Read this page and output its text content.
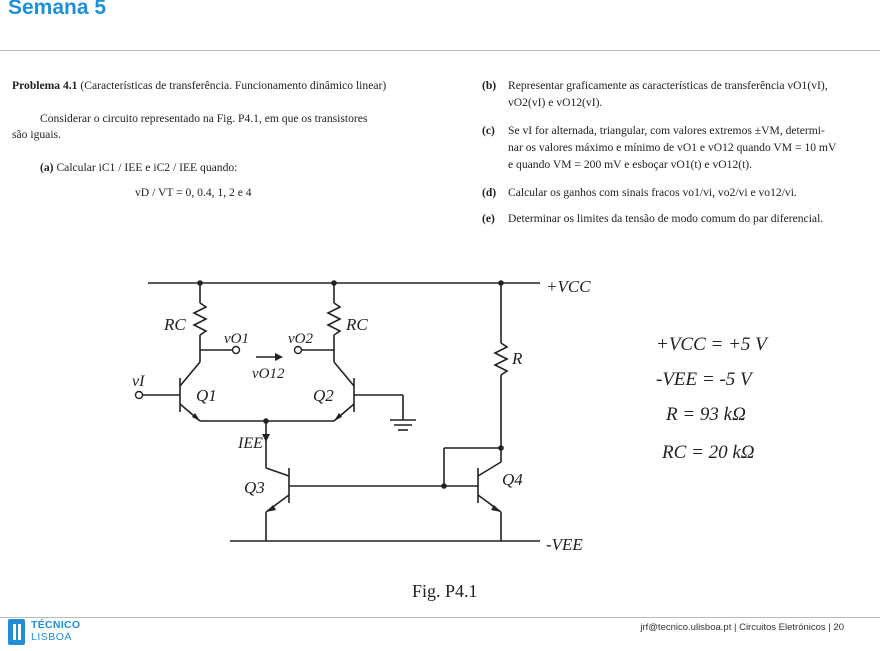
Semana 5
Problema 4.1 (Características de transferência. Funcionamento dinâmico linear)
Considerar o circuito representado na Fig. P4.1, em que os transistores
são iguais.
(a) Calcular iC1 / IEE e iC2 / IEE quando:
vD / VT = 0, 0.4, 1, 2 e 4
(b) Representar graficamente as características de transferência vO1(vI),
vO2(vI) e vO12(vI).
(c) Se vI for alternada, triangular, com valores extremos ±VM, determi-
nar os valores máximo e mínimo de vO1 e vO12 quando VM = 10 mV
e quando VM = 200 mV e esboçar vO1(t) e vO12(t).
(d) Calcular os ganhos com sinais fracos vo1/vi, vo2/vi e vo12/vi.
(e) Determinar os limites da tensão de modo comum do par diferencial.
+VCC
-VEE
RC	RC
R
Q1	Q2
Q3	Q4
vO1	vO2
vO12
vI
IEE
+VCC = +5 V
-VEE = -5 V
R = 93 kΩ
RC = 20 kΩ
Fig. P4.1
TÉCNICO
LISBOA
jrf@tecnico.ulisboa.pt | Circuitos Eletrónicos | 20
